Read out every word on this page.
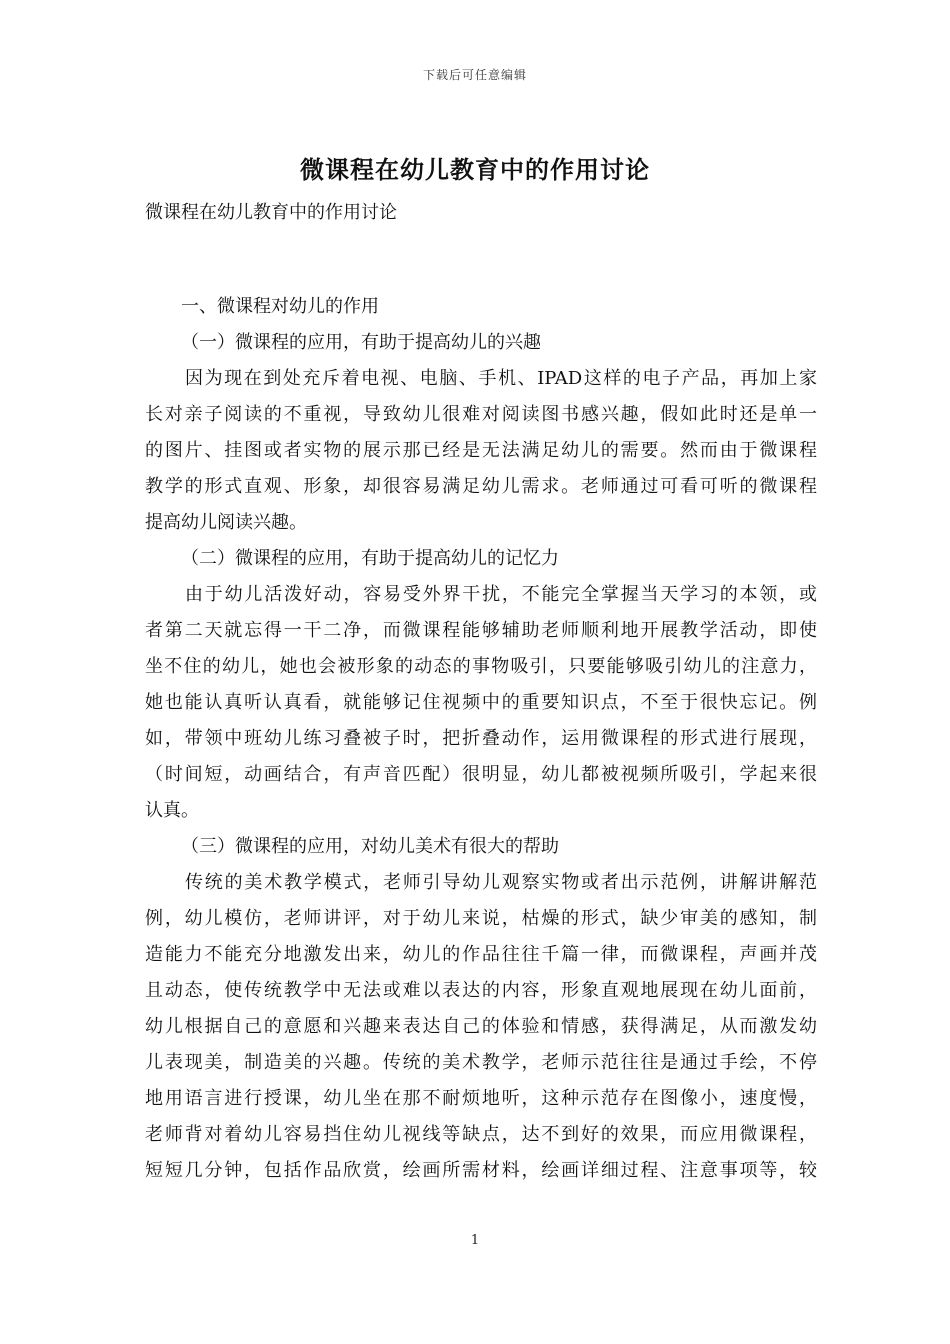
下载后可任意编辑
微课程在幼儿教育中的作用讨论
微课程在幼儿教育中的作用讨论
一、微课程对幼儿的作用
（一）微课程的应用，有助于提高幼儿的兴趣
因为现在到处充斥着电视、电脑、手机、IPAD这样的电子产品，再加上家
长对亲子阅读的不重视，导致幼儿很难对阅读图书感兴趣，假如此时还是单一
的图片、挂图或者实物的展示那已经是无法满足幼儿的需要。然而由于微课程
教学的形式直观、形象，却很容易满足幼儿需求。老师通过可看可听的微课程
提高幼儿阅读兴趣。
（二）微课程的应用，有助于提高幼儿的记忆力
由于幼儿活泼好动，容易受外界干扰，不能完全掌握当天学习的本领，或
者第二天就忘得一干二净，而微课程能够辅助老师顺利地开展教学活动，即使
坐不住的幼儿，她也会被形象的动态的事物吸引，只要能够吸引幼儿的注意力，
她也能认真听认真看，就能够记住视频中的重要知识点，不至于很快忘记。例
如，带领中班幼儿练习叠被子时，把折叠动作，运用微课程的形式进行展现，
（时间短，动画结合，有声音匹配）很明显，幼儿都被视频所吸引，学起来很
认真。
（三）微课程的应用，对幼儿美术有很大的帮助
传统的美术教学模式，老师引导幼儿观察实物或者出示范例，讲解讲解范
例，幼儿模仿，老师讲评，对于幼儿来说，枯燥的形式，缺少审美的感知，制
造能力不能充分地激发出来，幼儿的作品往往千篇一律，而微课程，声画并茂
且动态，使传统教学中无法或难以表达的内容，形象直观地展现在幼儿面前，
幼儿根据自己的意愿和兴趣来表达自己的体验和情感，获得满足，从而激发幼
儿表现美，制造美的兴趣。传统的美术教学，老师示范往往是通过手绘，不停
地用语言进行授课，幼儿坐在那不耐烦地听，这种示范存在图像小，速度慢，
老师背对着幼儿容易挡住幼儿视线等缺点，达不到好的效果，而应用微课程，
短短几分钟，包括作品欣赏，绘画所需材料，绘画详细过程、注意事项等，较
1
